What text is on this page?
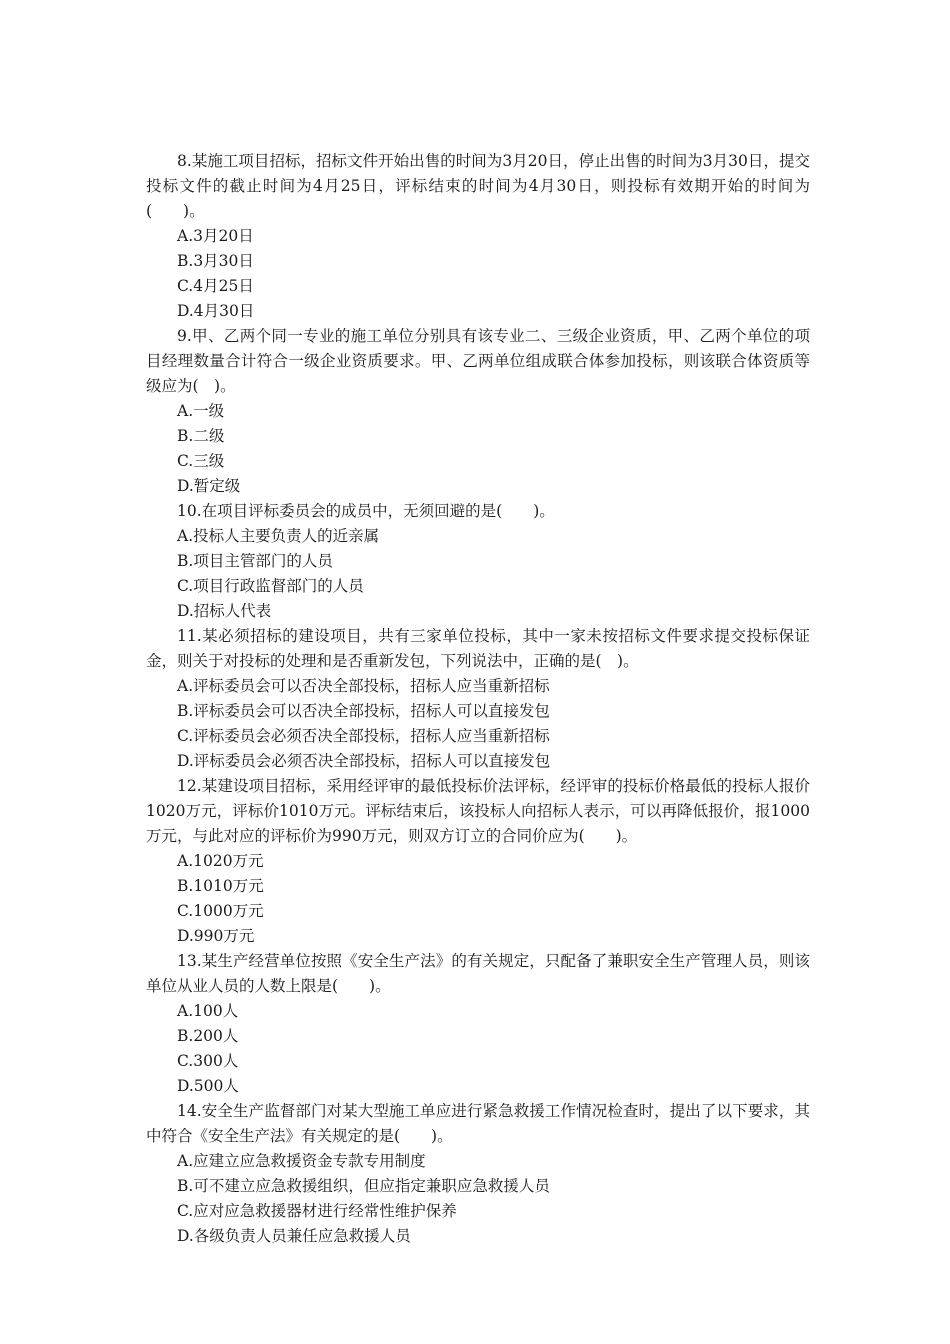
8.某施工项目招标，招标文件开始出售的时间为3月20日，停止出售的时间为3月30日，提交投标文件的截止时间为4月25日，评标结束的时间为4月30日，则投标有效期开始的时间为(　　)。

A.3月20日

B.3月30日

C.4月25日

D.4月30日

9.甲、乙两个同一专业的施工单位分别具有该专业二、三级企业资质，甲、乙两个单位的项目经理数量合计符合一级企业资质要求。甲、乙两单位组成联合体参加投标，则该联合体资质等级应为(　)。

A.一级

B.二级

C.三级

D.暂定级

10.在项目评标委员会的成员中，无须回避的是(　　)。

A.投标人主要负责人的近亲属

B.项目主管部门的人员

C.项目行政监督部门的人员

D.招标人代表

11.某必须招标的建设项目，共有三家单位投标，其中一家未按招标文件要求提交投标保证金，则关于对投标的处理和是否重新发包，下列说法中，正确的是(　)。

A.评标委员会可以否决全部投标，招标人应当重新招标

B.评标委员会可以否决全部投标，招标人可以直接发包

C.评标委员会必须否决全部投标，招标人应当重新招标

D.评标委员会必须否决全部投标，招标人可以直接发包

12.某建设项目招标，采用经评审的最低投标价法评标，经评审的投标价格最低的投标人报价1020万元，评标价1010万元。评标结束后，该投标人向招标人表示，可以再降低报价，报1000万元，与此对应的评标价为990万元，则双方订立的合同价应为(　　)。

A.1020万元

B.1010万元

C.1000万元

D.990万元

13.某生产经营单位按照《安全生产法》的有关规定，只配备了兼职安全生产管理人员，则该单位从业人员的人数上限是(　　)。

A.100人

B.200人

C.300人

D.500人

14.安全生产监督部门对某大型施工单应进行紧急救援工作情况检查时，提出了以下要求，其中符合《安全生产法》有关规定的是(　　)。

A.应建立应急救援资金专款专用制度

B.可不建立应急救援组织，但应指定兼职应急救援人员

C.应对应急救援器材进行经常性维护保养

D.各级负责人员兼任应急救援人员
